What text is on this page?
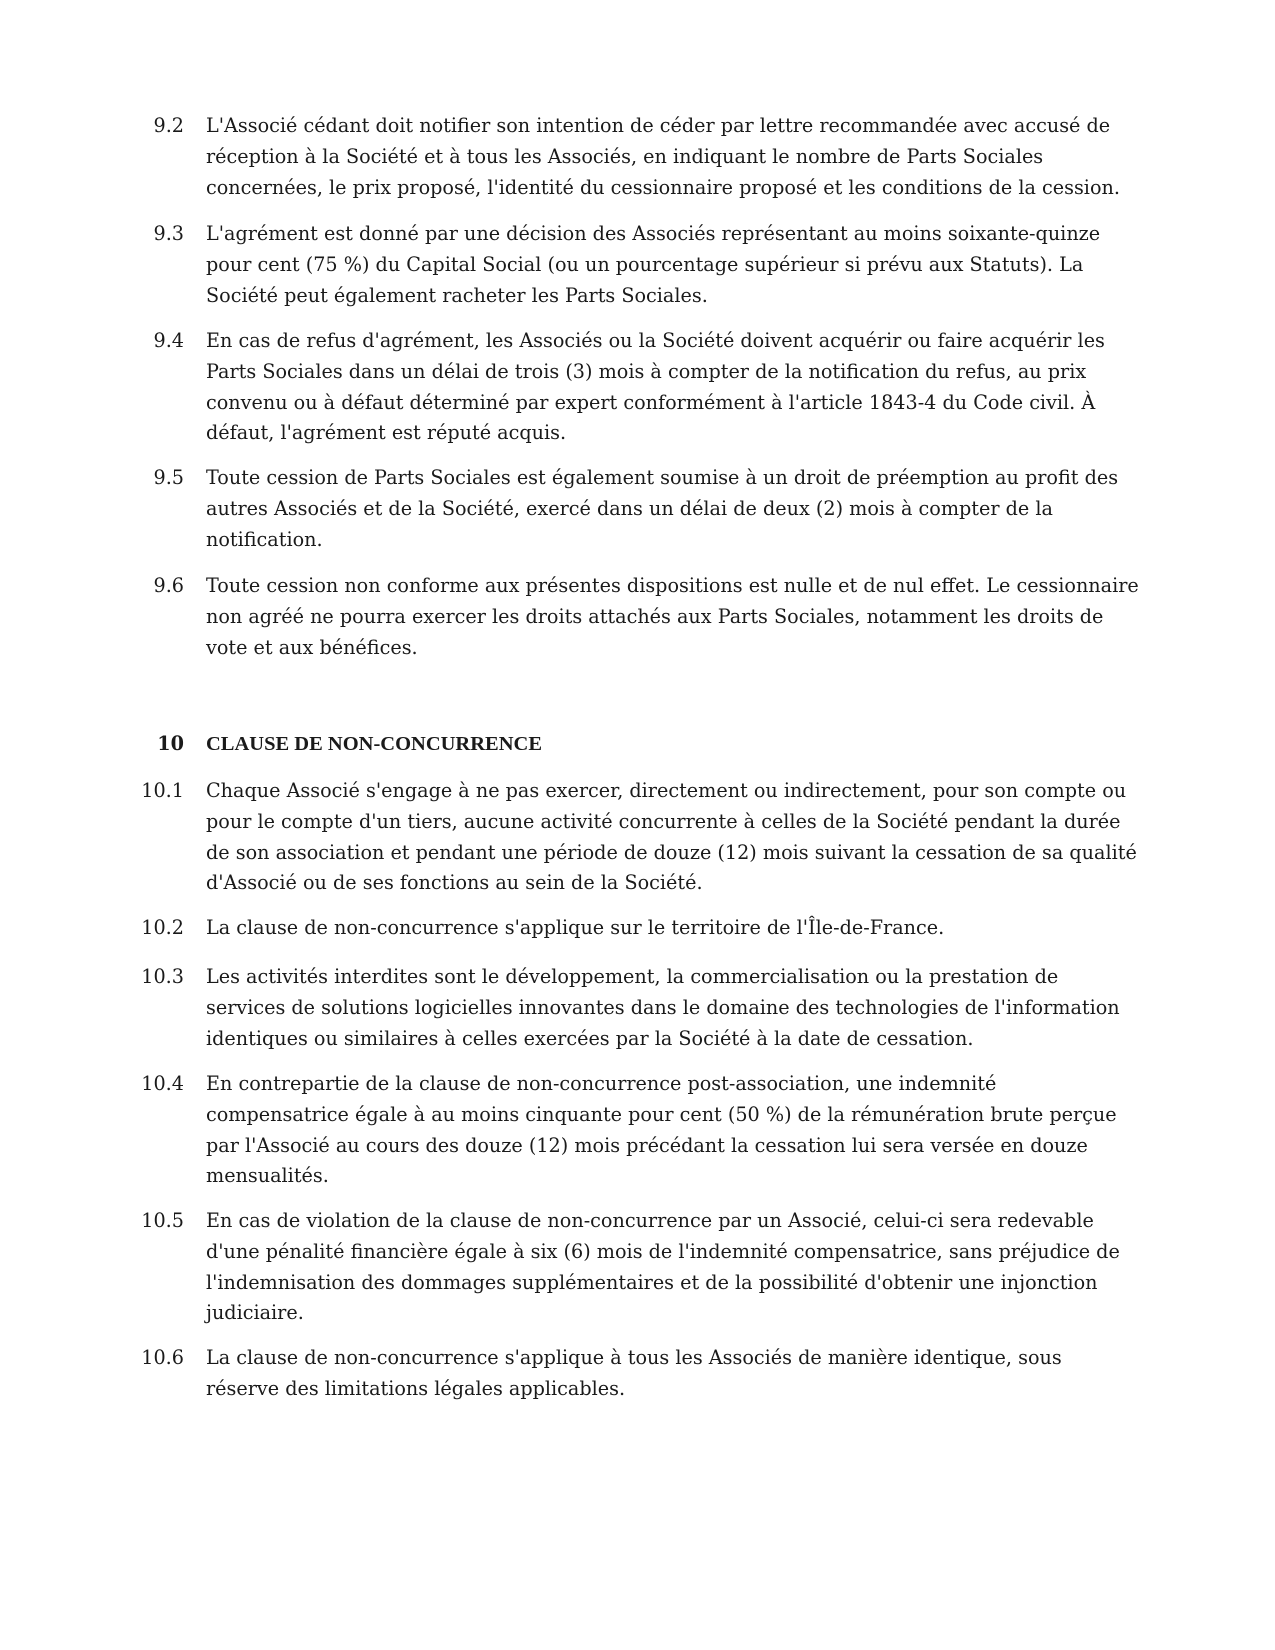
9.2	L'Associé cédant doit notifier son intention de céder par lettre recommandée avec accusé de réception à la Société et à tous les Associés, en indiquant le nombre de Parts Sociales concernées, le prix proposé, l'identité du cessionnaire proposé et les conditions de la cession.
9.3	L'agrément est donné par une décision des Associés représentant au moins soixante-quinze pour cent (75 %) du Capital Social (ou un pourcentage supérieur si prévu aux Statuts). La Société peut également racheter les Parts Sociales.
9.4	En cas de refus d'agrément, les Associés ou la Société doivent acquérir ou faire acquérir les Parts Sociales dans un délai de trois (3) mois à compter de la notification du refus, au prix convenu ou à défaut déterminé par expert conformément à l'article 1843-4 du Code civil. À défaut, l'agrément est réputé acquis.
9.5	Toute cession de Parts Sociales est également soumise à un droit de préemption au profit des autres Associés et de la Société, exercé dans un délai de deux (2) mois à compter de la notification.
9.6	Toute cession non conforme aux présentes dispositions est nulle et de nul effet. Le cessionnaire non agréé ne pourra exercer les droits attachés aux Parts Sociales, notamment les droits de vote et aux bénéfices.
10	CLAUSE DE NON-CONCURRENCE
10.1	Chaque Associé s'engage à ne pas exercer, directement ou indirectement, pour son compte ou pour le compte d'un tiers, aucune activité concurrente à celles de la Société pendant la durée de son association et pendant une période de douze (12) mois suivant la cessation de sa qualité d'Associé ou de ses fonctions au sein de la Société.
10.2	La clause de non-concurrence s'applique sur le territoire de l'Île-de-France.
10.3	Les activités interdites sont le développement, la commercialisation ou la prestation de services de solutions logicielles innovantes dans le domaine des technologies de l'information identiques ou similaires à celles exercées par la Société à la date de cessation.
10.4	En contrepartie de la clause de non-concurrence post-association, une indemnité compensatrice égale à au moins cinquante pour cent (50 %) de la rémunération brute perçue par l'Associé au cours des douze (12) mois précédant la cessation lui sera versée en douze mensualités.
10.5	En cas de violation de la clause de non-concurrence par un Associé, celui-ci sera redevable d'une pénalité financière égale à six (6) mois de l'indemnité compensatrice, sans préjudice de l'indemnisation des dommages supplémentaires et de la possibilité d'obtenir une injonction judiciaire.
10.6	La clause de non-concurrence s'applique à tous les Associés de manière identique, sous réserve des limitations légales applicables.
